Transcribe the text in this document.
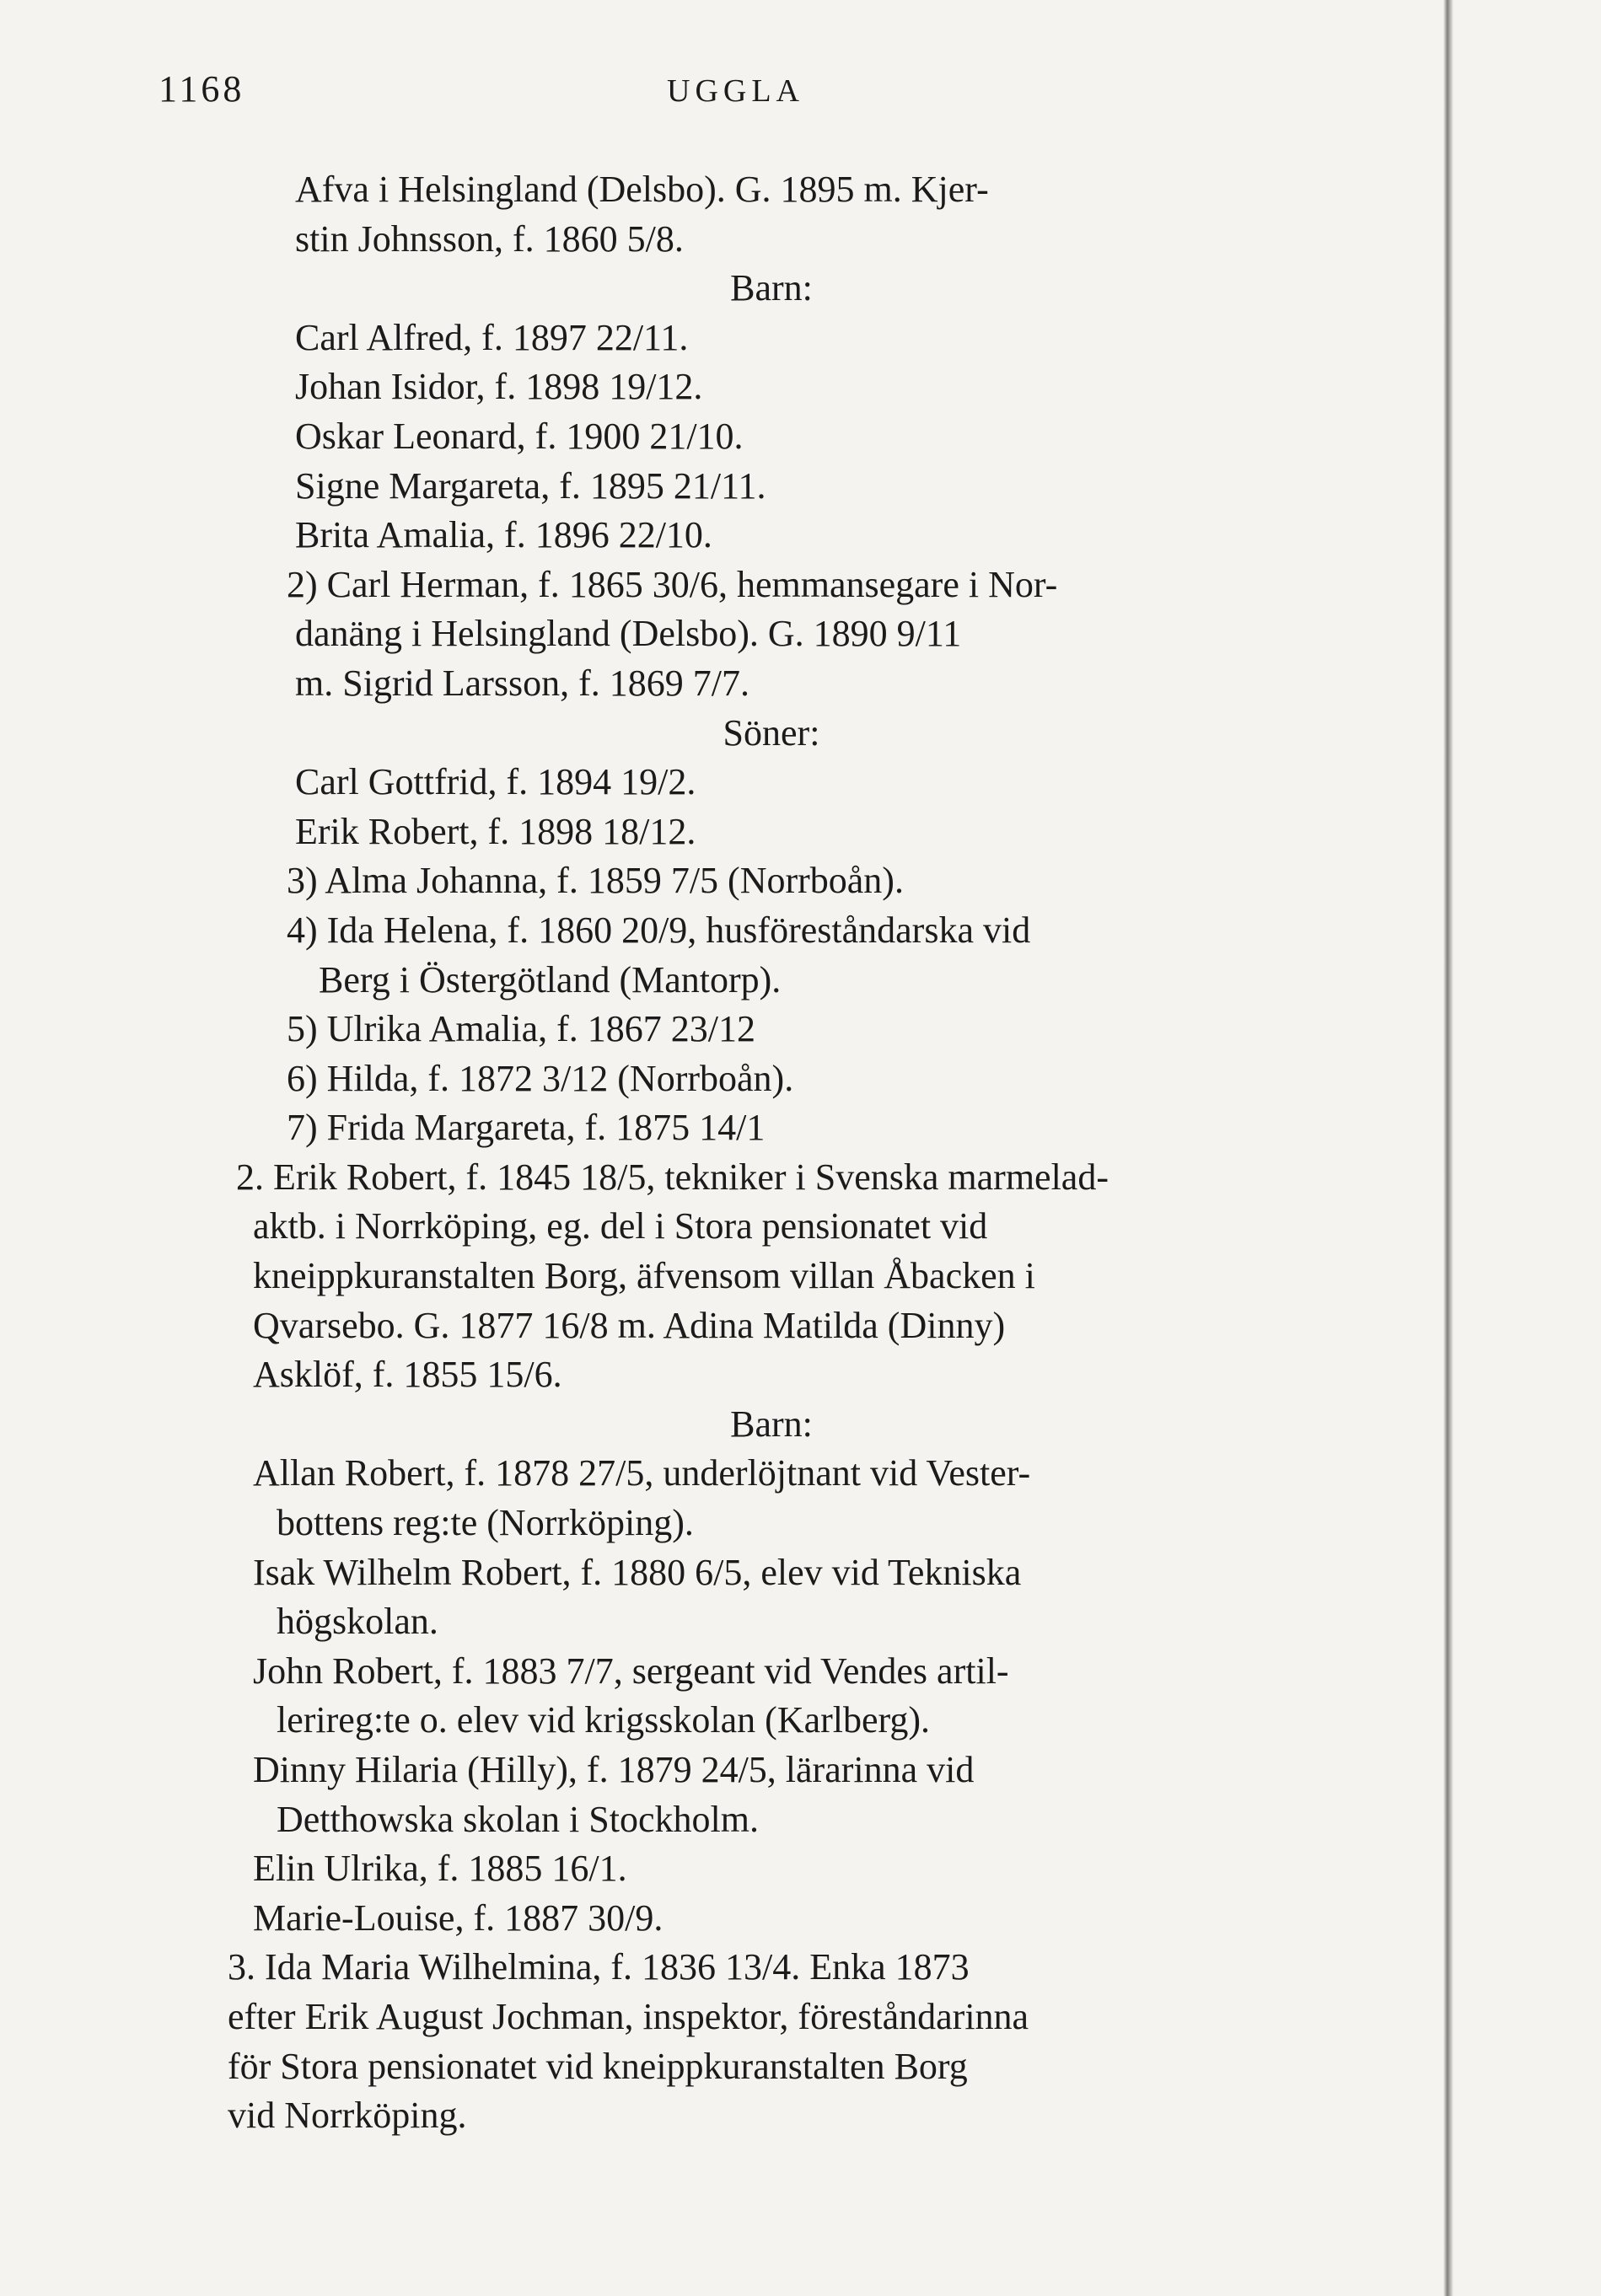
1168	UGGLA
Afva i Helsingland (Delsbo). G. 1895 m. Kjer-
stin Johnsson, f. 1860 5/8.
Barn:
Carl Alfred, f. 1897 22/11.
Johan Isidor, f. 1898 19/12.
Oskar Leonard, f. 1900 21/10.
Signe Margareta, f. 1895 21/11.
Brita Amalia, f. 1896 22/10.
2) Carl Herman, f. 1865 30/6, hemmansegare i Nor-
danäng i Helsingland (Delsbo). G. 1890 9/11
m. Sigrid Larsson, f. 1869 7/7.
Söner:
Carl Gottfrid, f. 1894 19/2.
Erik Robert, f. 1898 18/12.
3) Alma Johanna, f. 1859 7/5 (Norrboån).
4) Ida Helena, f. 1860 20/9, husföreståndarska vid
Berg i Östergötland (Mantorp).
5) Ulrika Amalia, f. 1867 23/12
6) Hilda, f. 1872 3/12 (Norrboån).
7) Frida Margareta, f. 1875 14/1
2. Erik Robert, f. 1845 18/5, tekniker i Svenska marmelad-
aktb. i Norrköping, eg. del i Stora pensionatet vid
kneippkuranstalten Borg, äfvensom villan Åbacken i
Qvarsebo. G. 1877 16/8 m. Adina Matilda (Dinny)
Asklöf, f. 1855 15/6.
Barn:
Allan Robert, f. 1878 27/5, underlöjtnant vid Vester-
bottens reg:te (Norrköping).
Isak Wilhelm Robert, f. 1880 6/5, elev vid Tekniska
högskolan.
John Robert, f. 1883 7/7, sergeant vid Vendes artil-
lerireg:te o. elev vid krigsskolan (Karlberg).
Dinny Hilaria (Hilly), f. 1879 24/5, lärarinna vid
Detthowska skolan i Stockholm.
Elin Ulrika, f. 1885 16/1.
Marie-Louise, f. 1887 30/9.
3. Ida Maria Wilhelmina, f. 1836 13/4. Enka 1873
efter Erik August Jochman, inspektor, föreståndarinna
för Stora pensionatet vid kneippkuranstalten Borg
vid Norrköping.
